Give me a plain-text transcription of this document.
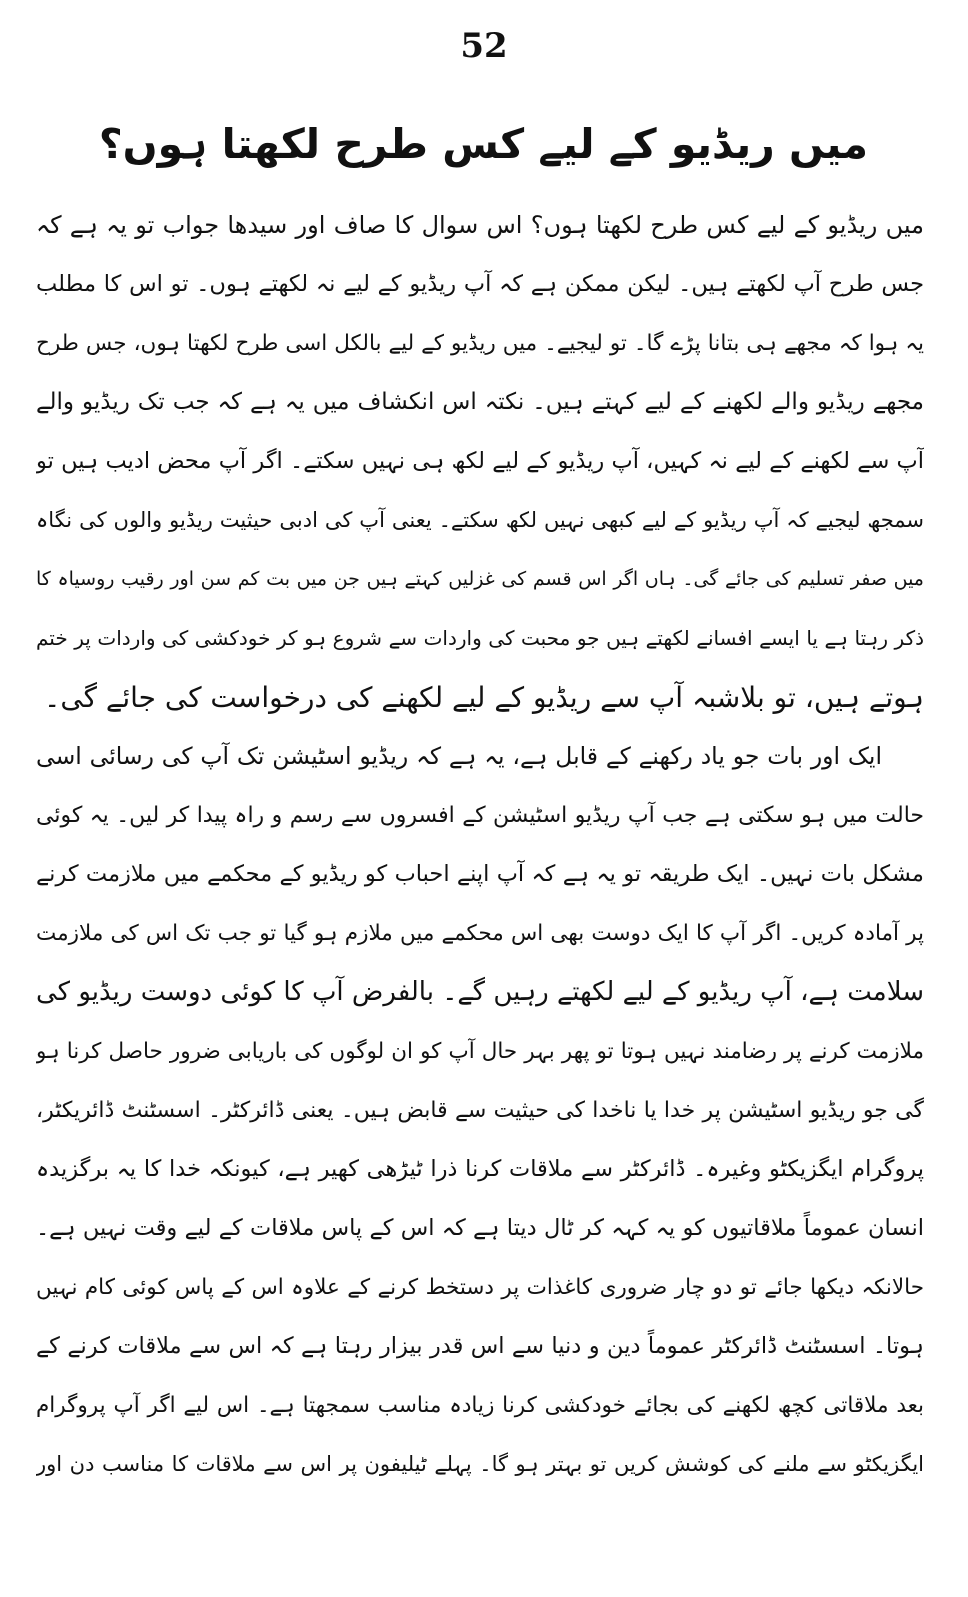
52
میں ریڈیو کے لیے کس طرح لکھتا ہوں؟
میں ریڈیو کے لیے کس طرح لکھتا ہوں؟ اس سوال کا صاف اور سیدھا جواب تو یہ ہے کہ
جس طرح آپ لکھتے ہیں۔ لیکن ممکن ہے کہ آپ ریڈیو کے لیے نہ لکھتے ہوں۔ تو اس کا مطلب
یہ ہوا کہ مجھے ہی بتانا پڑے گا۔ تو لیجیے۔ میں ریڈیو کے لیے بالکل اسی طرح لکھتا ہوں، جس طرح
مجھے ریڈیو والے لکھنے کے لیے کہتے ہیں۔ نکتہ اس انکشاف میں یہ ہے کہ جب تک ریڈیو والے
آپ سے لکھنے کے لیے نہ کہیں، آپ ریڈیو کے لیے لکھ ہی نہیں سکتے۔ اگر آپ محض ادیب ہیں تو
سمجھ لیجیے کہ آپ ریڈیو کے لیے کبھی نہیں لکھ سکتے۔ یعنی آپ کی ادبی حیثیت ریڈیو والوں کی نگاہ
میں صفر تسلیم کی جائے گی۔ ہاں اگر اس قسم کی غزلیں کہتے ہیں جن میں بت کم سن اور رقیب روسیاہ کا
ذکر رہتا ہے یا ایسے افسانے لکھتے ہیں جو محبت کی واردات سے شروع ہو کر خودکشی کی واردات پر ختم
ہوتے ہیں، تو بلاشبہ آپ سے ریڈیو کے لیے لکھنے کی درخواست کی جائے گی۔
ایک اور بات جو یاد رکھنے کے قابل ہے، یہ ہے کہ ریڈیو اسٹیشن تک آپ کی رسائی اسی
حالت میں ہو سکتی ہے جب آپ ریڈیو اسٹیشن کے افسروں سے رسم و راہ پیدا کر لیں۔ یہ کوئی
مشکل بات نہیں۔ ایک طریقہ تو یہ ہے کہ آپ اپنے احباب کو ریڈیو کے محکمے میں ملازمت کرنے
پر آمادہ کریں۔ اگر آپ کا ایک دوست بھی اس محکمے میں ملازم ہو گیا تو جب تک اس کی ملازمت
سلامت ہے، آپ ریڈیو کے لیے لکھتے رہیں گے۔ بالفرض آپ کا کوئی دوست ریڈیو کی
ملازمت کرنے پر رضامند نہیں ہوتا تو پھر بہر حال آپ کو ان لوگوں کی باریابی ضرور حاصل کرنا ہو
گی جو ریڈیو اسٹیشن پر خدا یا ناخدا کی حیثیت سے قابض ہیں۔ یعنی ڈائرکٹر۔ اسسٹنٹ ڈائریکٹر،
پروگرام ایگزیکٹو وغیرہ۔ ڈائرکٹر سے ملاقات کرنا ذرا ٹیڑھی کھیر ہے، کیونکہ خدا کا یہ برگزیدہ
انسان عموماً ملاقاتیوں کو یہ کہہ کر ٹال دیتا ہے کہ اس کے پاس ملاقات کے لیے وقت نہیں ہے۔
حالانکہ دیکھا جائے تو دو چار ضروری کاغذات پر دستخط کرنے کے علاوہ اس کے پاس کوئی کام نہیں
ہوتا۔ اسسٹنٹ ڈائرکٹر عموماً دین و دنیا سے اس قدر بیزار رہتا ہے کہ اس سے ملاقات کرنے کے
بعد ملاقاتی کچھ لکھنے کی بجائے خودکشی کرنا زیادہ مناسب سمجھتا ہے۔ اس لیے اگر آپ پروگرام
ایگزیکٹو سے ملنے کی کوشش کریں تو بہتر ہو گا۔ پہلے ٹیلیفون پر اس سے ملاقات کا مناسب دن اور
